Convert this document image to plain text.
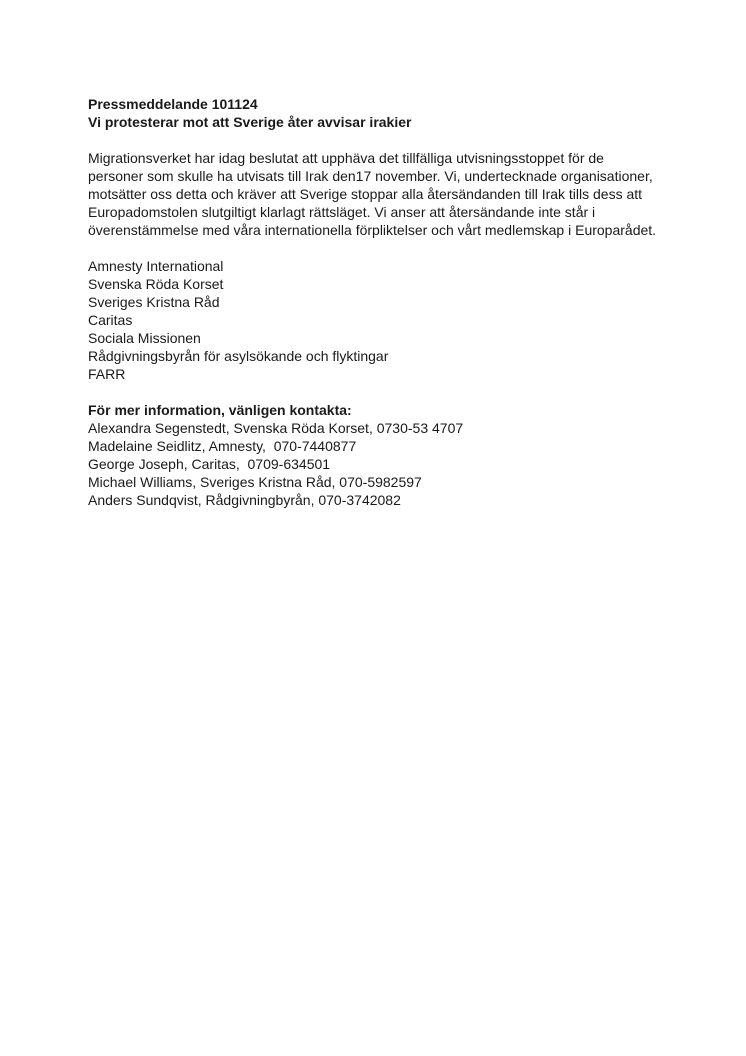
Pressmeddelande 101124
Vi protesterar mot att Sverige åter avvisar irakier
Migrationsverket har idag beslutat att upphäva det tillfälliga utvisningsstoppet för de
personer som skulle ha utvisats till Irak den17 november. Vi, undertecknade organisationer,
motsätter oss detta och kräver att Sverige stoppar alla återsändanden till Irak tills dess att
Europadomstolen slutgiltigt klarlagt rättsläget. Vi anser att återsändande inte står i
överenstämmelse med våra internationella förpliktelser och vårt medlemskap i Europarådet.
Amnesty International
Svenska Röda Korset
Sveriges Kristna Råd
Caritas
Sociala Missionen
Rådgivningsbyrån för asylsökande och flyktingar
FARR
För mer information, vänligen kontakta:
Alexandra Segenstedt, Svenska Röda Korset, 0730-53 4707
Madelaine Seidlitz, Amnesty,  070-7440877
George Joseph, Caritas,  0709-634501
Michael Williams, Sveriges Kristna Råd, 070-5982597
Anders Sundqvist, Rådgivningbyrån, 070-3742082
